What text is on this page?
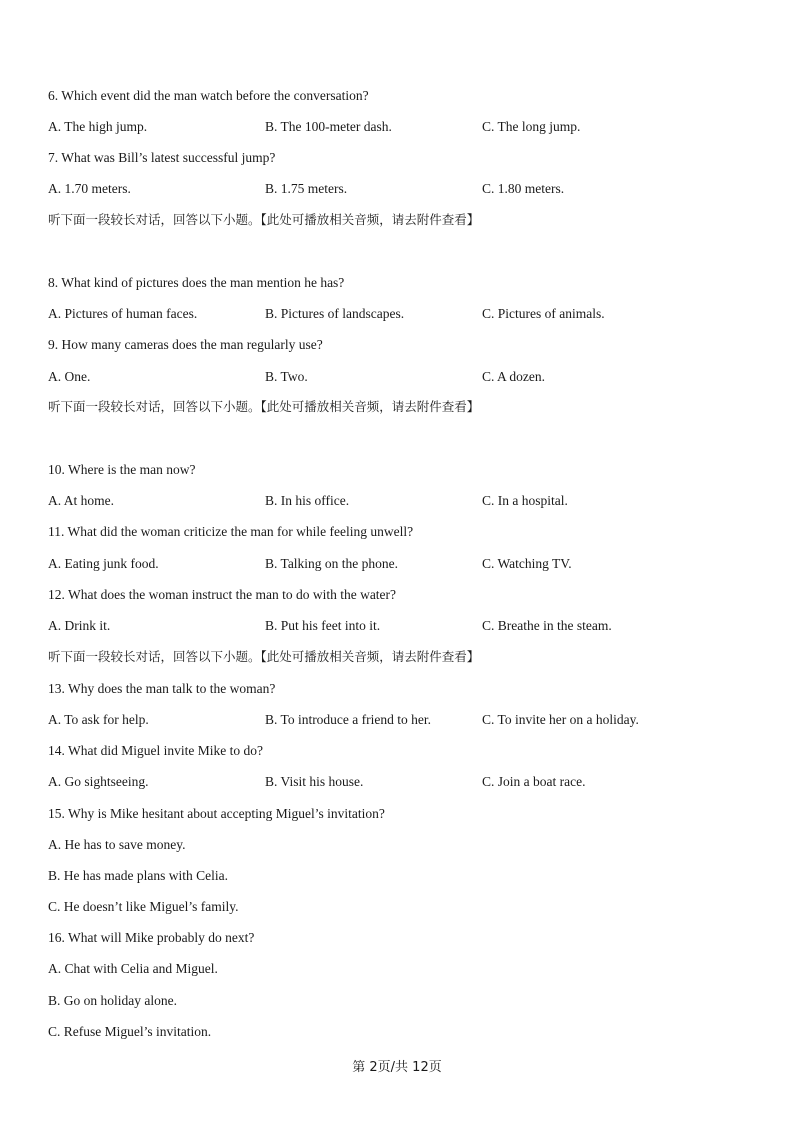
6. Which event did the man watch before the conversation?
A. The high jump.	B. The 100-meter dash.	C. The long jump.
7. What was Bill’s latest successful jump?
A. 1.70 meters.	B. 1.75 meters.	C. 1.80 meters.
听下面一段较长对话，回答以下小题。【此处可播放相关音频，请去附件查看】
8. What kind of pictures does the man mention he has?
A. Pictures of human faces.	B. Pictures of landscapes.	C. Pictures of animals.
9. How many cameras does the man regularly use?
A. One.	B. Two.	C. A dozen.
听下面一段较长对话，回答以下小题。【此处可播放相关音频，请去附件查看】
10. Where is the man now?
A. At home.	B. In his office.	C. In a hospital.
11. What did the woman criticize the man for while feeling unwell?
A. Eating junk food.	B. Talking on the phone.	C. Watching TV.
12. What does the woman instruct the man to do with the water?
A. Drink it.	B. Put his feet into it.	C. Breathe in the steam.
听下面一段较长对话，回答以下小题。【此处可播放相关音频，请去附件查看】
13. Why does the man talk to the woman?
A. To ask for help.	B. To introduce a friend to her.	C. To invite her on a holiday.
14. What did Miguel invite Mike to do?
A. Go sightseeing.	B. Visit his house.	C. Join a boat race.
15. Why is Mike hesitant about accepting Miguel’s invitation?
A. He has to save money.
B. He has made plans with Celia.
C. He doesn’t like Miguel’s family.
16. What will Mike probably do next?
A. Chat with Celia and Miguel.
B. Go on holiday alone.
C. Refuse Miguel’s invitation.
第 2页/共 12页
